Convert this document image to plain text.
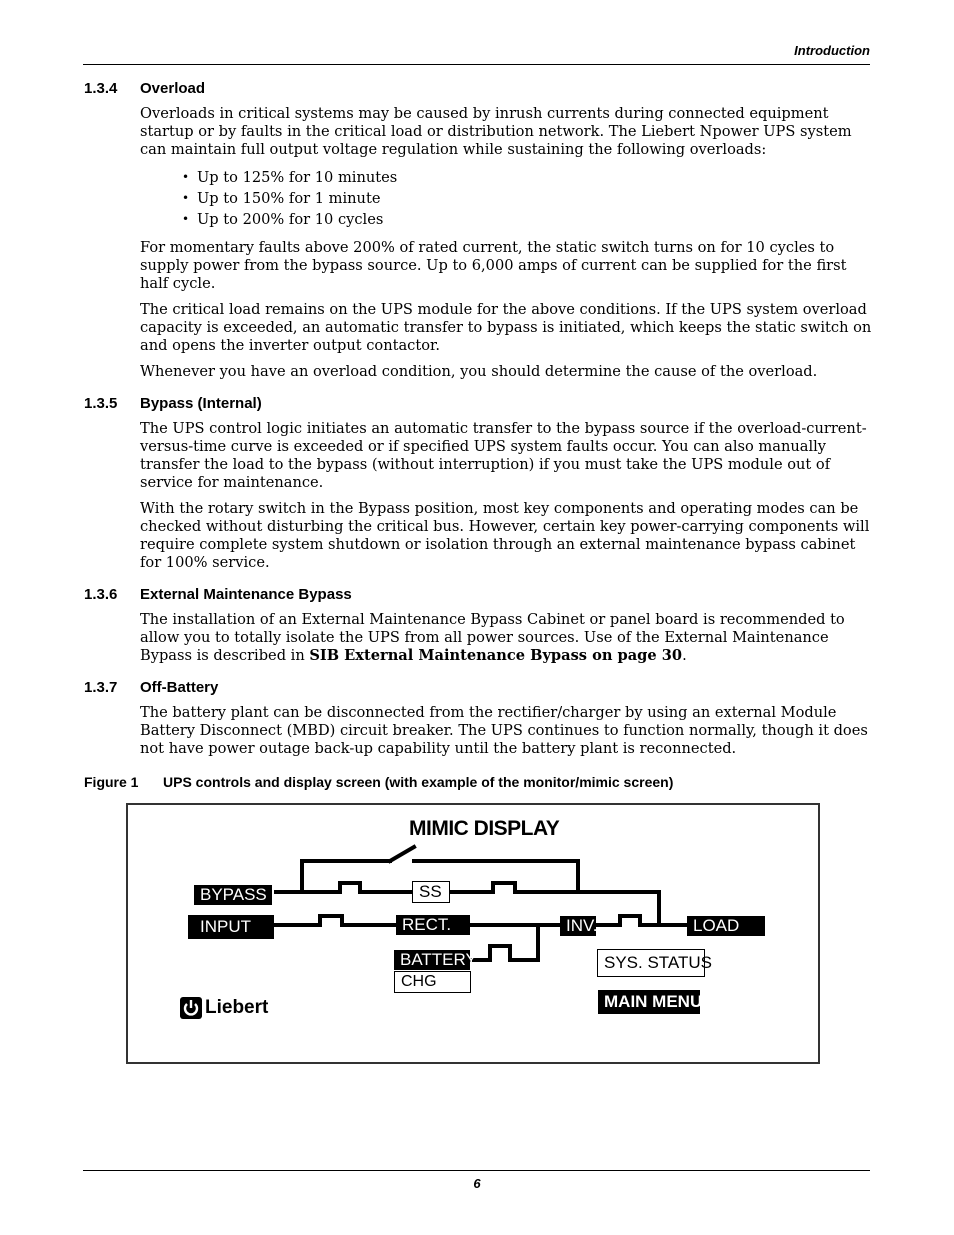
Introduction
1.3.4	Overload

Overloads in critical systems may be caused by inrush currents during connected equipment startup or by faults in the critical load or distribution network. The Liebert Npower UPS system can maintain full output voltage regulation while sustaining the following overloads:

• Up to 125% for 10 minutes
• Up to 150% for 1 minute
• Up to 200% for 10 cycles

For momentary faults above 200% of rated current, the static switch turns on for 10 cycles to supply power from the bypass source. Up to 6,000 amps of current can be supplied for the first half cycle.

The critical load remains on the UPS module for the above conditions. If the UPS system overload capacity is exceeded, an automatic transfer to bypass is initiated, which keeps the static switch on and opens the inverter output contactor.

Whenever you have an overload condition, you should determine the cause of the overload.

1.3.5	Bypass (Internal)

The UPS control logic initiates an automatic transfer to the bypass source if the overload-current-versus-time curve is exceeded or if specified UPS system faults occur. You can also manually transfer the load to the bypass (without interruption) if you must take the UPS module out of service for maintenance.

With the rotary switch in the Bypass position, most key components and operating modes can be checked without disturbing the critical bus. However, certain key power-carrying components will require complete system shutdown or isolation through an external maintenance bypass cabinet for 100% service.

1.3.6	External Maintenance Bypass

The installation of an External Maintenance Bypass Cabinet or panel board is recommended to allow you to totally isolate the UPS from all power sources. Use of the External Maintenance Bypass is described in SIB External Maintenance Bypass on page 30.

1.3.7	Off-Battery

The battery plant can be disconnected from the rectifier/charger by using an external Module Battery Disconnect (MBD) circuit breaker. The UPS continues to function normally, though it does not have power outage back-up capability until the battery plant is reconnected.

Figure 1	UPS controls and display screen (with example of the monitor/mimic screen)
MIMIC DISPLAY
BYPASS	SS
INPUT	RECT.	INV.	LOAD
BATTERY
CHG
SYS. STATUS
MAIN MENU
Liebert
6
